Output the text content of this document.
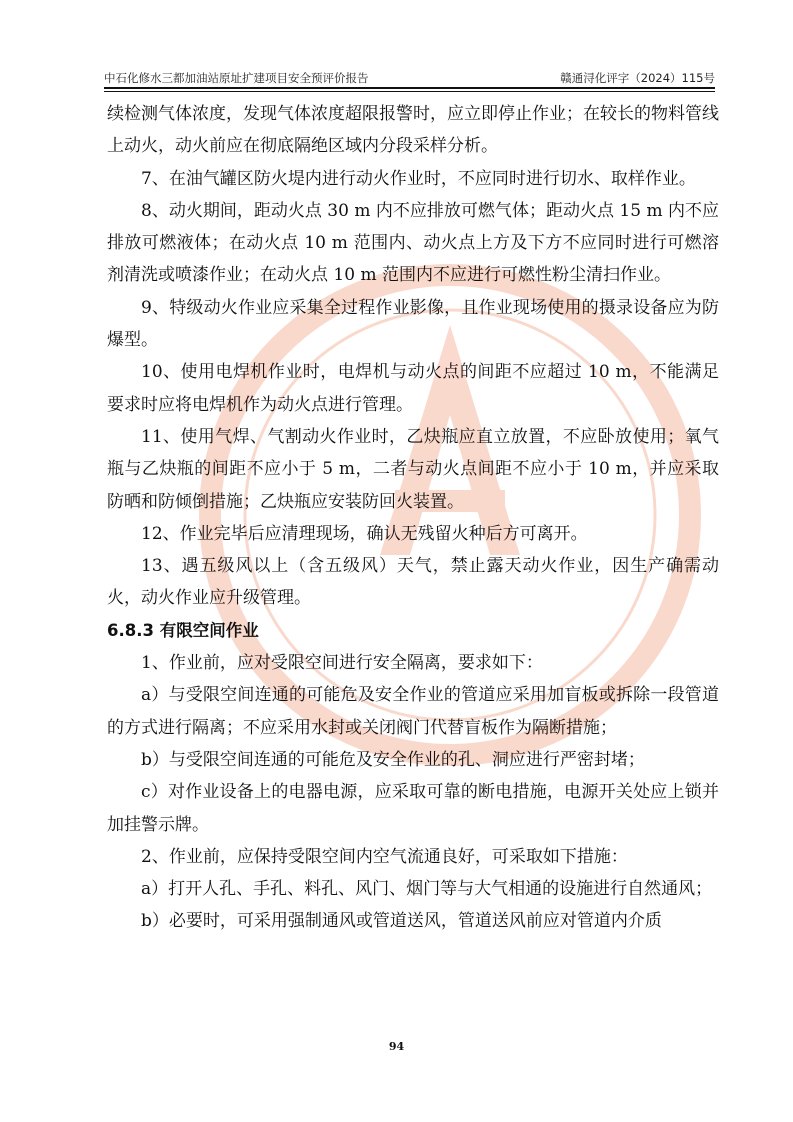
中石化修水三都加油站原址扩建项目安全预评价报告	赣通浔化评字（2024）115号

续检测气体浓度，发现气体浓度超限报警时，应立即停止作业；在较长的物料管线上动火，动火前应在彻底隔绝区域内分段采样分析。

7、在油气罐区防火堤内进行动火作业时，不应同时进行切水、取样作业。

8、动火期间，距动火点 30 m 内不应排放可燃气体；距动火点 15 m 内不应排放可燃液体；在动火点 10 m 范围内、动火点上方及下方不应同时进行可燃溶剂清洗或喷漆作业；在动火点 10 m 范围内不应进行可燃性粉尘清扫作业。

9、特级动火作业应采集全过程作业影像，且作业现场使用的摄录设备应为防爆型。

10、使用电焊机作业时，电焊机与动火点的间距不应超过 10 m，不能满足要求时应将电焊机作为动火点进行管理。

11、使用气焊、气割动火作业时，乙炔瓶应直立放置，不应卧放使用；氧气瓶与乙炔瓶的间距不应小于 5 m，二者与动火点间距不应小于 10 m，并应采取防晒和防倾倒措施；乙炔瓶应安装防回火装置。

12、作业完毕后应清理现场，确认无残留火种后方可离开。

13、遇五级风以上（含五级风）天气，禁止露天动火作业，因生产确需动火，动火作业应升级管理。

6.8.3 有限空间作业

1、作业前，应对受限空间进行安全隔离，要求如下：

a）与受限空间连通的可能危及安全作业的管道应采用加盲板或拆除一段管道的方式进行隔离；不应采用水封或关闭阀门代替盲板作为隔断措施；

b）与受限空间连通的可能危及安全作业的孔、洞应进行严密封堵；

c）对作业设备上的电器电源，应采取可靠的断电措施，电源开关处应上锁并加挂警示牌。

2、作业前，应保持受限空间内空气流通良好，可采取如下措施：

a）打开人孔、手孔、料孔、风门、烟门等与大气相通的设施进行自然通风；

b）必要时，可采用强制通风或管道送风，管道送风前应对管道内介质

94
